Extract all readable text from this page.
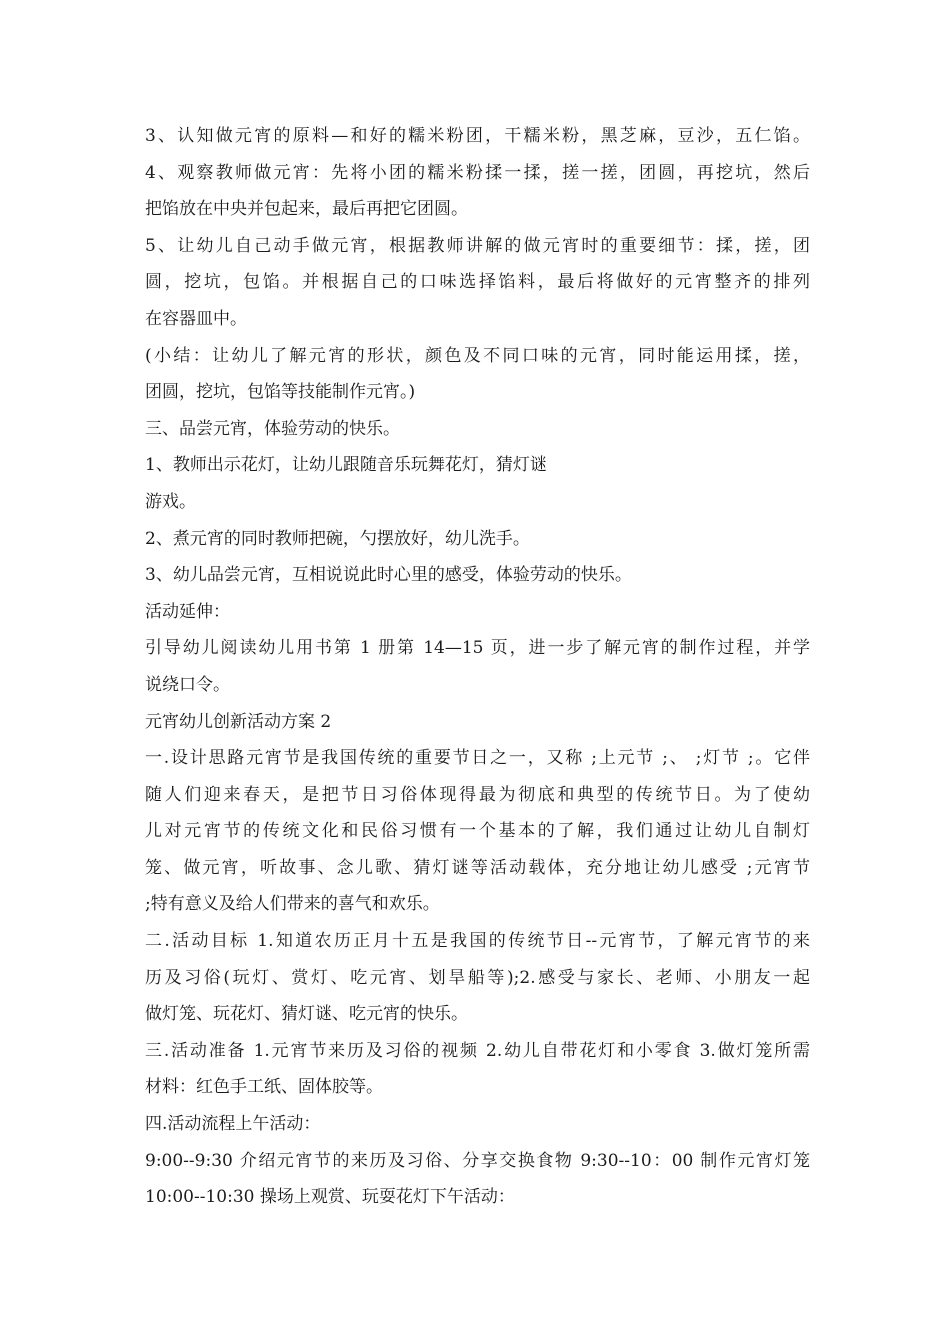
3、认知做元宵的原料—和好的糯米粉团，干糯米粉，黑芝麻，豆沙，五仁馅。
4、观察教师做元宵：先将小团的糯米粉揉一揉，搓一搓，团圆，再挖坑，然后
把馅放在中央并包起来，最后再把它团圆。
5、让幼儿自己动手做元宵，根据教师讲解的做元宵时的重要细节：揉，搓，团
圆，挖坑，包馅。并根据自己的口味选择馅料，最后将做好的元宵整齐的排列
在容器皿中。
(小结：让幼儿了解元宵的形状，颜色及不同口味的元宵，同时能运用揉，搓，
团圆，挖坑，包馅等技能制作元宵。)
三、品尝元宵，体验劳动的快乐。
1、教师出示花灯，让幼儿跟随音乐玩舞花灯，猜灯谜
游戏。
2、煮元宵的同时教师把碗，勺摆放好，幼儿洗手。
3、幼儿品尝元宵，互相说说此时心里的感受，体验劳动的快乐。
活动延伸：
引导幼儿阅读幼儿用书第 1 册第 14—15 页，进一步了解元宵的制作过程，并学
说绕口令。
元宵幼儿创新活动方案 2
一.设计思路元宵节是我国传统的重要节日之一，又称 ;上元节 ;、 ;灯节 ;。它伴
随人们迎来春天，是把节日习俗体现得最为彻底和典型的传统节日。为了使幼
儿对元宵节的传统文化和民俗习惯有一个基本的了解，我们通过让幼儿自制灯
笼、做元宵，听故事、念儿歌、猜灯谜等活动载体，充分地让幼儿感受 ;元宵节
;特有意义及给人们带来的喜气和欢乐。
二.活动目标 1.知道农历正月十五是我国的传统节日--元宵节，了解元宵节的来
历及习俗(玩灯、赏灯、吃元宵、划旱船等);2.感受与家长、老师、小朋友一起
做灯笼、玩花灯、猜灯谜、吃元宵的快乐。
三.活动准备 1.元宵节来历及习俗的视频 2.幼儿自带花灯和小零食 3.做灯笼所需
材料：红色手工纸、固体胶等。
四.活动流程上午活动：
9:00--9:30 介绍元宵节的来历及习俗、分享交换食物 9:30--10：00 制作元宵灯笼
10:00--10:30 操场上观赏、玩耍花灯下午活动：
